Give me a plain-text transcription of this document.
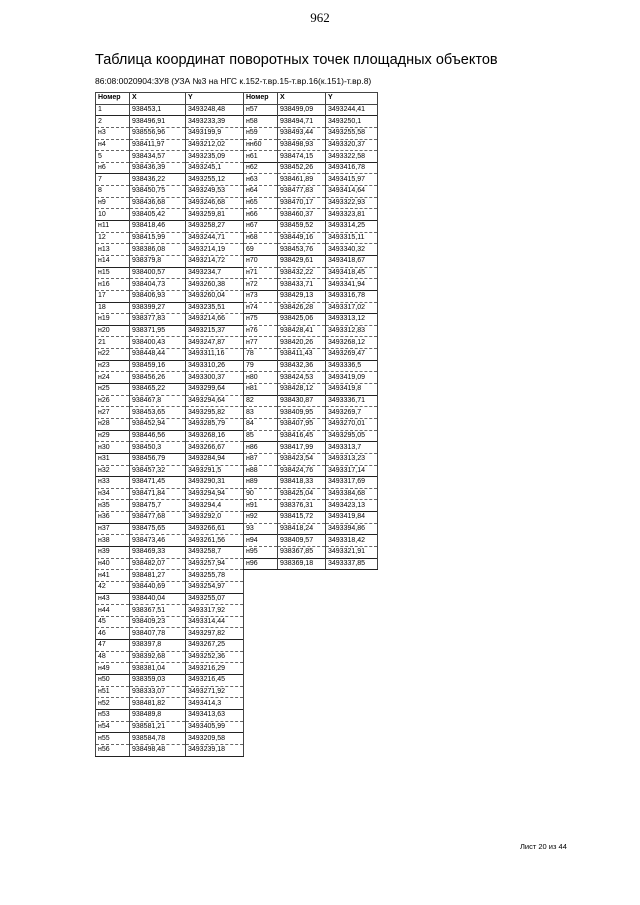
962
Таблица координат поворотных точек площадных объектов
86:08:0020904:3У8 (УЗА №3 на НГС к.152-т.вр.15-т.вр.16(к.151)-т.вр.8)
Номер	X	Y
1	938453,1	3493248,48
2	938496,91	3493233,39
н3	938556,96	3493199,9
н4	938411,97	3493212,02
5	938434,57	3493235,09
н6	938436,39	3493245,1
7	938436,22	3493255,12
8	938450,75	3493249,53
н9	938436,68	3493246,68
10	938405,42	3493259,81
н11	938418,46	3493258,27
12	938415,99	3493244,71
н13	938386,08	3493214,19
н14	938379,8	3493214,72
н15	938400,57	3493234,7
н16	938404,73	3493260,38
17	938406,93	3493260,04
18	938399,27	3493235,51
н19	938377,83	3493214,66
н20	938371,95	3493215,37
21	938400,43	3493247,87
н22	938448,44	3493311,16
н23	938459,16	3493310,26
н24	938456,26	3493300,37
н25	938465,22	3493299,64
н26	938467,8	3493294,64
н27	938453,65	3493295,82
н28	938452,94	3493285,79
н29	938446,56	3493268,16
н30	938450,3	3493266,67
н31	938456,79	3493284,94
н32	938457,32	3493291,5
н33	938471,45	3493290,31
н34	938471,84	3493294,94
н35	938475,7	3493294,4
н36	938477,68	3493292,0
н37	938475,65	3493266,61
н38	938473,46	3493261,56
н39	938469,33	3493258,7
н40	938482,07	3493257,94
н41	938481,27	3493255,78
42	938440,69	3493254,97
н43	938440,04	3493255,07
н44	938367,51	3493317,92
45	938409,23	3493314,44
46	938407,78	3493297,82
47	938397,8	3493267,25
48	938392,68	3493252,36
н49	938381,04	3493216,29
н50	938359,03	3493216,45
н51	938333,07	3493271,92
н52	938481,82	3493414,3
н53	938489,8	3493413,63
н54	938581,21	3493405,99
н55	938584,78	3493209,58
н56	938498,48	3493239,18
Номер	X	Y
н57	938499,09	3493244,41
н58	938494,71	3493250,1
н59	938493,44	3493255,58
нн60	938498,93	3493320,37
н61	938474,15	3493322,58
н62	938452,26	3493416,78
н63	938461,89	3493415,97
н64	938477,83	3493414,64
н65	938470,17	3493322,93
н66	938460,37	3493323,81
н67	938459,52	3493314,25
н68	938449,16	3493315,11
69	938453,76	3493340,32
н70	938429,61	3493418,67
н71	938432,22	3493418,45
н72	938433,71	3493341,94
н73	938429,13	3493316,78
н74	938426,28	3493317,02
н75	938425,06	3493313,12
н76	938428,41	3493312,83
н77	938420,26	3493268,12
78	938411,43	3493269,47
79	938432,36	3493336,5
н80	938424,53	3493419,09
н81	938428,12	3493419,8
82	938430,87	3493336,71
83	938409,95	3493269,7
84	938407,95	3493270,01
85	938416,45	3493295,05
н86	938417,99	3493313,7
н87	938423,54	3493313,23
н88	938424,76	3493317,14
н89	938418,33	3493317,69
90	938425,04	3493384,68
н91	938376,31	3493423,13
н92	938415,72	3493419,84
93	938418,24	3493394,86
н94	938409,57	3493318,42
н95	938367,85	3493321,91
н96	938369,18	3493337,85
Лист 20 из 44
